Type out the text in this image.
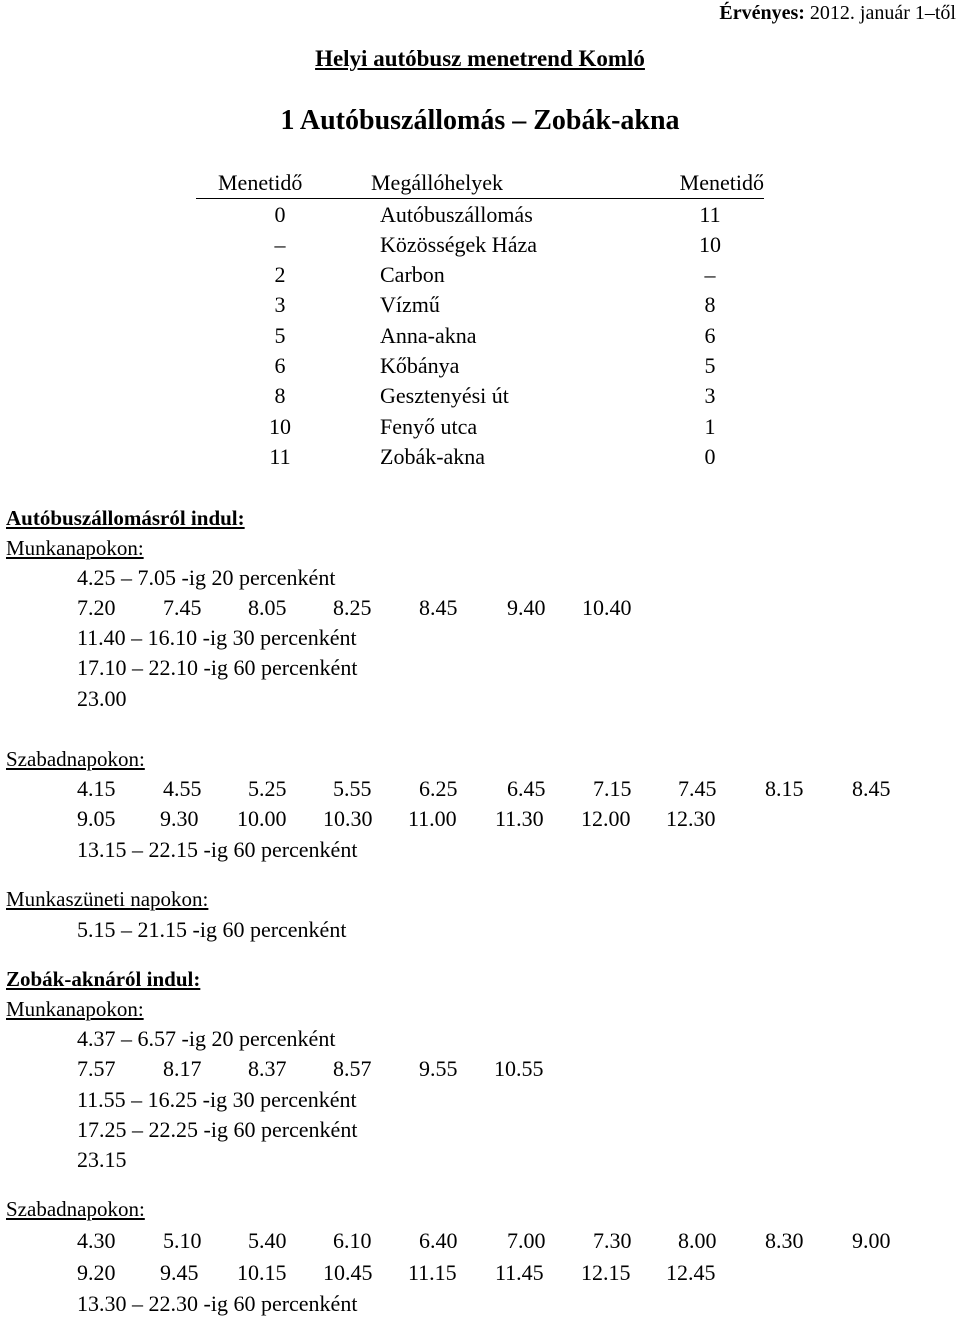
Érvényes: 2012. január 1–től
Helyi autóbusz menetrend Komló
1 Autóbuszállomás – Zobák-akna
Menetidő	Megállóhelyek	Menetidő
0	Autóbuszállomás	11
–	Közösségek Háza	10
2	Carbon	–
3	Vízmű	8
5	Anna-akna	6
6	Kőbánya	5
8	Gesztenyési út	3
10	Fenyő utca	1
11	Zobák-akna	0
Autóbuszállomásról indul:
Munkanapokon:
4.25 – 7.05 -ig 20 percenként
7.20 7.45 8.05 8.25 8.45 9.40 10.40
11.40 – 16.10 -ig 30 percenként
17.10 – 22.10 -ig 60 percenként
23.00
Szabadnapokon:
4.15 4.55 5.25 5.55 6.25 6.45 7.15 7.45 8.15 8.45
9.05 9.30 10.00 10.30 11.00 11.30 12.00 12.30
13.15 – 22.15 -ig 60 percenként
Munkaszüneti napokon:
5.15 – 21.15 -ig 60 percenként
Zobák-aknáról indul:
Munkanapokon:
4.37 – 6.57 -ig 20 percenként
7.57 8.17 8.37 8.57 9.55 10.55
11.55 – 16.25 -ig 30 percenként
17.25 – 22.25 -ig 60 percenként
23.15
Szabadnapokon:
4.30 5.10 5.40 6.10 6.40 7.00 7.30 8.00 8.30 9.00
9.20 9.45 10.15 10.45 11.15 11.45 12.15 12.45
13.30 – 22.30 -ig 60 percenként
